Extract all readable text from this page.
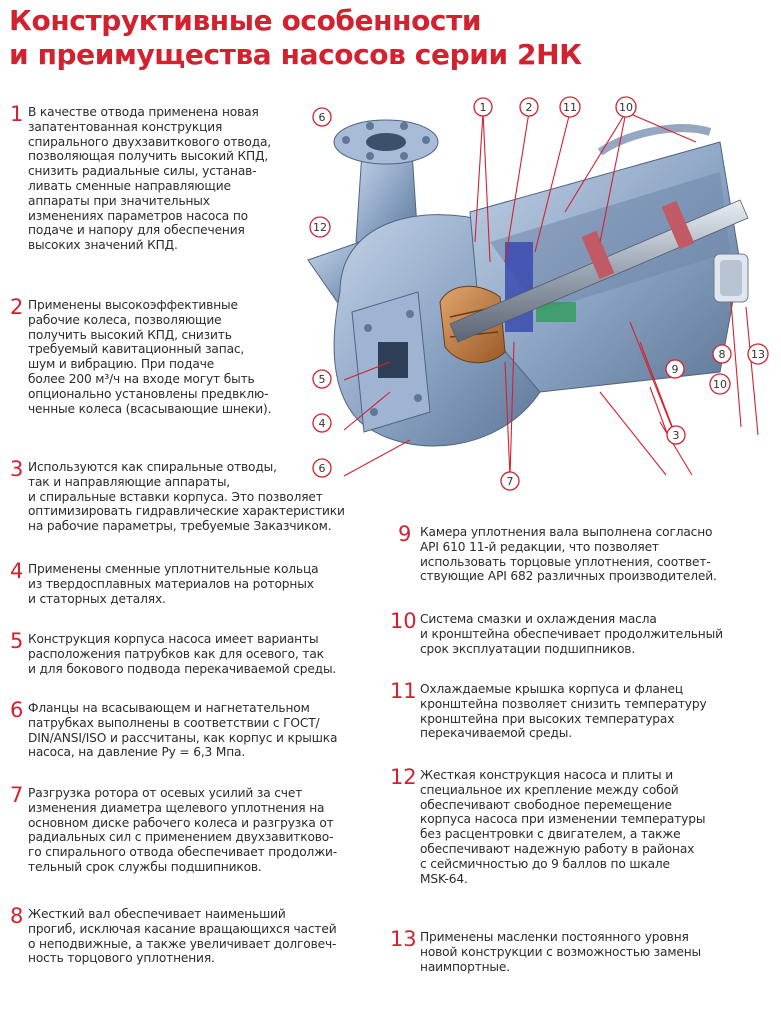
Конструктивные особенности
и преимущества насосов серии 2НК
1 В качестве отвода применена новая
запатентованная конструкция
спирального двухзавиткового отвода,
позволяющая получить высокий КПД,
снизить радиальные силы, устанав-
ливать сменные направляющие
аппараты при значительных
изменениях параметров насоса по
подаче и напору для обеспечения
высоких значений КПД.
2 Применены высокоэффективные
рабочие колеса, позволяющие
получить высокий КПД, снизить
требуемый кавитационный запас,
шум и вибрацию. При подаче
более 200 м³/ч на входе могут быть
опционально установлены предвклю-
ченные колеса (всасывающие шнеки).
3 Используются как спиральные отводы,
так и направляющие аппараты,
и спиральные вставки корпуса. Это позволяет
оптимизировать гидравлические характеристики
на рабочие параметры, требуемые Заказчиком.
4 Применены сменные уплотнительные кольца
из твердосплавных материалов на роторных
и статорных деталях.
5 Конструкция корпуса насоса имеет варианты
расположения патрубков как для осевого, так
и для бокового подвода перекачиваемой среды.
6 Фланцы на всасывающем и нагнетательном
патрубках выполнены в соответствии с ГОСТ/
DIN/ANSI/ISO и рассчитаны, как корпус и крышка
насоса, на давление Ру = 6,3 Мпа.
7 Разгрузка ротора от осевых усилий за счет
изменения диаметра щелевого уплотнения на
основном диске рабочего колеса и разгрузка от
радиальных сил с применением двухзавитково-
го спирального отвода обеспечивает продолжи-
тельный срок службы подшипников.
8 Жесткий вал обеспечивает наименьший
прогиб, исключая касание вращающихся частей
о неподвижные, а также увеличивает долговеч-
ность торцового уплотнения.
9 Камера уплотнения вала выполнена согласно
API 610 11-й редакции, что позволяет
использовать торцовые уплотнения, соответ-
ствующие API 682 различных производителей.
10 Система смазки и охлаждения масла
и кронштейна обеспечивает продолжительный
срок эксплуатации подшипников.
11 Охлаждаемые крышка корпуса и фланец
кронштейна позволяет снизить температуру
кронштейна при высоких температурах
перекачиваемой среды.
12 Жесткая конструкция насоса и плиты и
специальное их крепление между собой
обеспечивают свободное перемещение
корпуса насоса при изменении температуры
без расцентровки с двигателем, а также
обеспечивают надежную работу в районах
с сейсмичностью до 9 баллов по шкале
MSK-64.
13 Применены масленки постоянного уровня
новой конструкции с возможностью замены
наимпортные.
6
1	2	11	10
12
5
4
6
8
9
10
13
3
7
